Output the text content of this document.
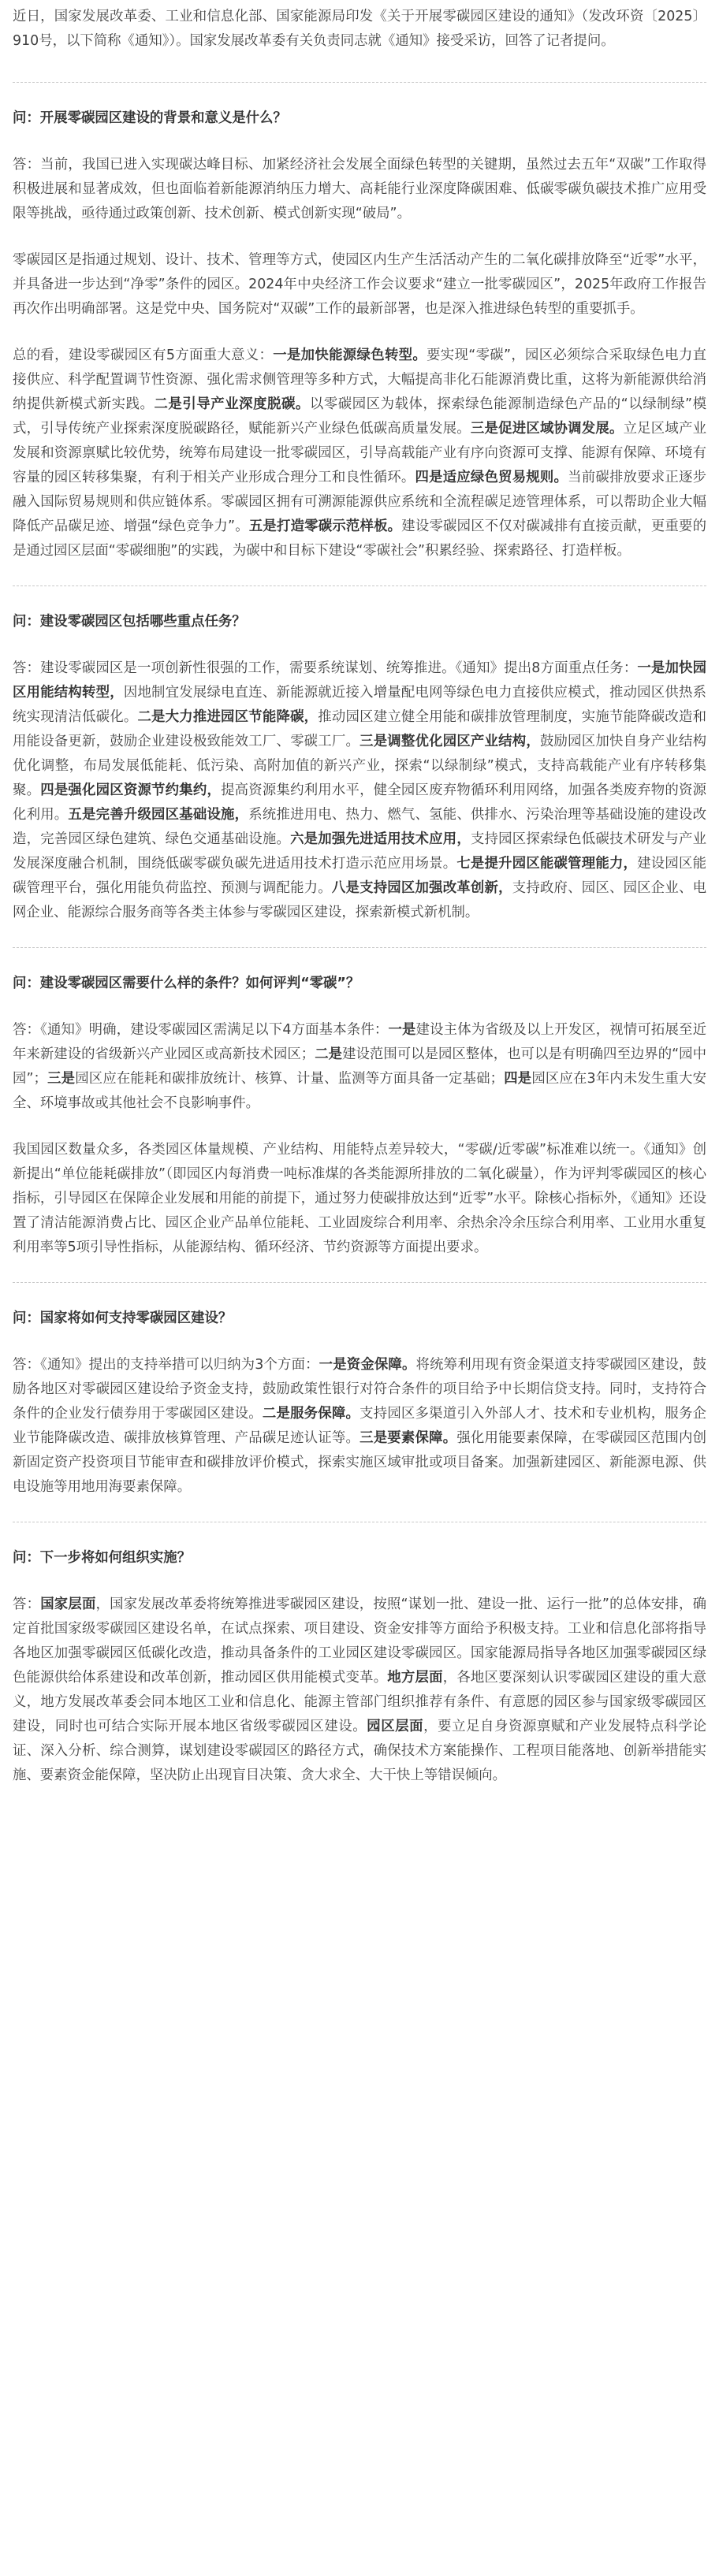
近日，国家发展改革委、工业和信息化部、国家能源局印发《关于开展零碳园区建设的通知》（发改环资〔2025〕910号，以下简称《通知》）。国家发展改革委有关负责同志就《通知》接受采访，回答了记者提问。

问：开展零碳园区建设的背景和意义是什么？

答：当前，我国已进入实现碳达峰目标、加紧经济社会发展全面绿色转型的关键期，虽然过去五年“双碳”工作取得积极进展和显著成效，但也面临着新能源消纳压力增大、高耗能行业深度降碳困难、低碳零碳负碳技术推广应用受限等挑战，亟待通过政策创新、技术创新、模式创新实现“破局”。

零碳园区是指通过规划、设计、技术、管理等方式，使园区内生产生活活动产生的二氧化碳排放降至“近零”水平，并具备进一步达到“净零”条件的园区。2024年中央经济工作会议要求“建立一批零碳园区”，2025年政府工作报告再次作出明确部署。这是党中央、国务院对“双碳”工作的最新部署，也是深入推进绿色转型的重要抓手。

总的看，建设零碳园区有5方面重大意义：一是加快能源绿色转型。要实现“零碳”，园区必须综合采取绿色电力直接供应、科学配置调节性资源、强化需求侧管理等多种方式，大幅提高非化石能源消费比重，这将为新能源供给消纳提供新模式新实践。二是引导产业深度脱碳。以零碳园区为载体，探索绿色能源制造绿色产品的“以绿制绿”模式，引导传统产业探索深度脱碳路径，赋能新兴产业绿色低碳高质量发展。三是促进区域协调发展。立足区域产业发展和资源禀赋比较优势，统筹布局建设一批零碳园区，引导高载能产业有序向资源可支撑、能源有保障、环境有容量的园区转移集聚，有利于相关产业形成合理分工和良性循环。四是适应绿色贸易规则。当前碳排放要求正逐步融入国际贸易规则和供应链体系。零碳园区拥有可溯源能源供应系统和全流程碳足迹管理体系，可以帮助企业大幅降低产品碳足迹、增强“绿色竞争力”。五是打造零碳示范样板。建设零碳园区不仅对碳减排有直接贡献，更重要的是通过园区层面“零碳细胞”的实践，为碳中和目标下建设“零碳社会”积累经验、探索路径、打造样板。

问：建设零碳园区包括哪些重点任务？

答：建设零碳园区是一项创新性很强的工作，需要系统谋划、统筹推进。《通知》提出8方面重点任务：一是加快园区用能结构转型，因地制宜发展绿电直连、新能源就近接入增量配电网等绿色电力直接供应模式，推动园区供热系统实现清洁低碳化。二是大力推进园区节能降碳，推动园区建立健全用能和碳排放管理制度，实施节能降碳改造和用能设备更新，鼓励企业建设极致能效工厂、零碳工厂。三是调整优化园区产业结构，鼓励园区加快自身产业结构优化调整，布局发展低能耗、低污染、高附加值的新兴产业，探索“以绿制绿”模式，支持高载能产业有序转移集聚。四是强化园区资源节约集约，提高资源集约利用水平，健全园区废弃物循环利用网络，加强各类废弃物的资源化利用。五是完善升级园区基础设施，系统推进用电、热力、燃气、氢能、供排水、污染治理等基础设施的建设改造，完善园区绿色建筑、绿色交通基础设施。六是加强先进适用技术应用，支持园区探索绿色低碳技术研发与产业发展深度融合机制，围绕低碳零碳负碳先进适用技术打造示范应用场景。七是提升园区能碳管理能力，建设园区能碳管理平台，强化用能负荷监控、预测与调配能力。八是支持园区加强改革创新，支持政府、园区、园区企业、电网企业、能源综合服务商等各类主体参与零碳园区建设，探索新模式新机制。

问：建设零碳园区需要什么样的条件？如何评判“零碳”？

答：《通知》明确，建设零碳园区需满足以下4方面基本条件：一是建设主体为省级及以上开发区，视情可拓展至近年来新建设的省级新兴产业园区或高新技术园区；二是建设范围可以是园区整体，也可以是有明确四至边界的“园中园”；三是园区应在能耗和碳排放统计、核算、计量、监测等方面具备一定基础；四是园区应在3年内未发生重大安全、环境事故或其他社会不良影响事件。

我国园区数量众多，各类园区体量规模、产业结构、用能特点差异较大，“零碳/近零碳”标准难以统一。《通知》创新提出“单位能耗碳排放”（即园区内每消费一吨标准煤的各类能源所排放的二氧化碳量），作为评判零碳园区的核心指标，引导园区在保障企业发展和用能的前提下，通过努力使碳排放达到“近零”水平。除核心指标外，《通知》还设置了清洁能源消费占比、园区企业产品单位能耗、工业固废综合利用率、余热余冷余压综合利用率、工业用水重复利用率等5项引导性指标，从能源结构、循环经济、节约资源等方面提出要求。

问：国家将如何支持零碳园区建设？

答：《通知》提出的支持举措可以归纳为3个方面：一是资金保障。将统筹利用现有资金渠道支持零碳园区建设，鼓励各地区对零碳园区建设给予资金支持，鼓励政策性银行对符合条件的项目给予中长期信贷支持。同时，支持符合条件的企业发行债券用于零碳园区建设。二是服务保障。支持园区多渠道引入外部人才、技术和专业机构，服务企业节能降碳改造、碳排放核算管理、产品碳足迹认证等。三是要素保障。强化用能要素保障，在零碳园区范围内创新固定资产投资项目节能审查和碳排放评价模式，探索实施区域审批或项目备案。加强新建园区、新能源电源、供电设施等用地用海要素保障。

问：下一步将如何组织实施？

答：国家层面，国家发展改革委将统筹推进零碳园区建设，按照“谋划一批、建设一批、运行一批”的总体安排，确定首批国家级零碳园区建设名单，在试点探索、项目建设、资金安排等方面给予积极支持。工业和信息化部将指导各地区加强零碳园区低碳化改造，推动具备条件的工业园区建设零碳园区。国家能源局指导各地区加强零碳园区绿色能源供给体系建设和改革创新，推动园区供用能模式变革。地方层面，各地区要深刻认识零碳园区建设的重大意义，地方发展改革委会同本地区工业和信息化、能源主管部门组织推荐有条件、有意愿的园区参与国家级零碳园区建设，同时也可结合实际开展本地区省级零碳园区建设。园区层面，要立足自身资源禀赋和产业发展特点科学论证、深入分析、综合测算，谋划建设零碳园区的路径方式，确保技术方案能操作、工程项目能落地、创新举措能实施、要素资金能保障，坚决防止出现盲目决策、贪大求全、大干快上等错误倾向。
